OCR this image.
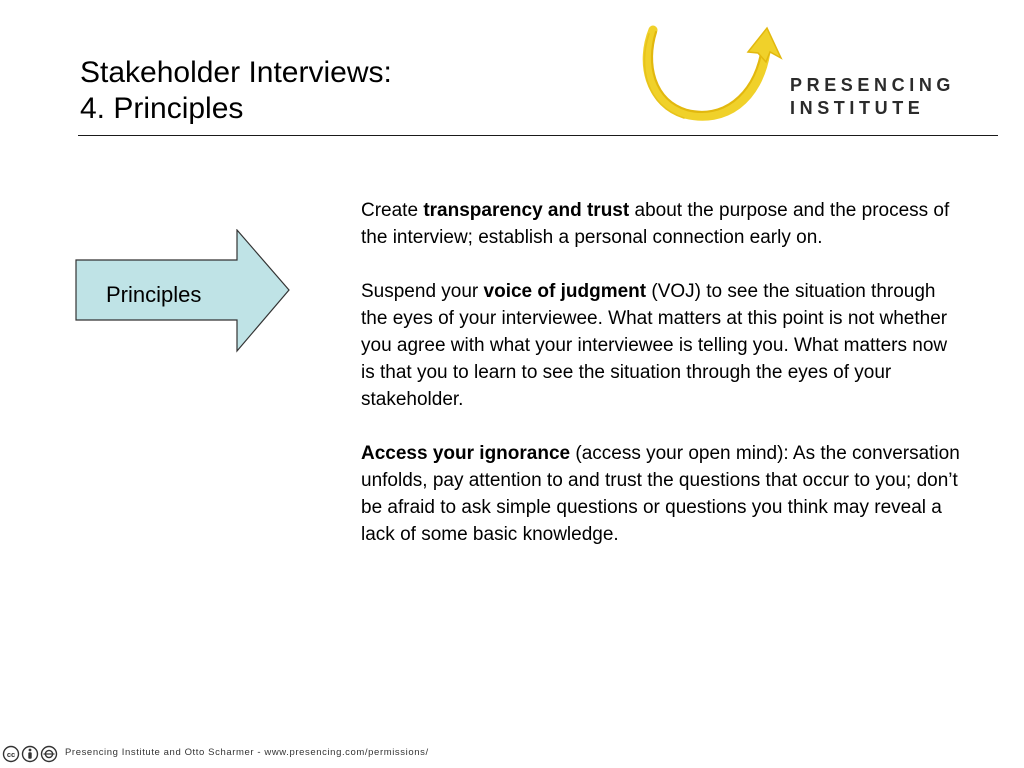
Stakeholder Interviews:
4. Principles
PRESENCING
INSTITUTE
Principles

Create transparency and trust about the purpose and the process of the interview; establish a personal connection early on.

Suspend your voice of judgment (VOJ) to see the situation through the eyes of your interviewee. What matters at this point is not whether you agree with what your interviewee is telling you. What matters now is that you to learn to see the situation through the eyes of your stakeholder.

Access your ignorance (access your open mind): As the conversation unfolds, pay attention to and trust the questions that occur to you; don’t be afraid to ask simple questions or questions you think may reveal a lack of some basic knowledge.

cc	Presencing Institute and Otto Scharmer - www.presencing.com/permissions/
